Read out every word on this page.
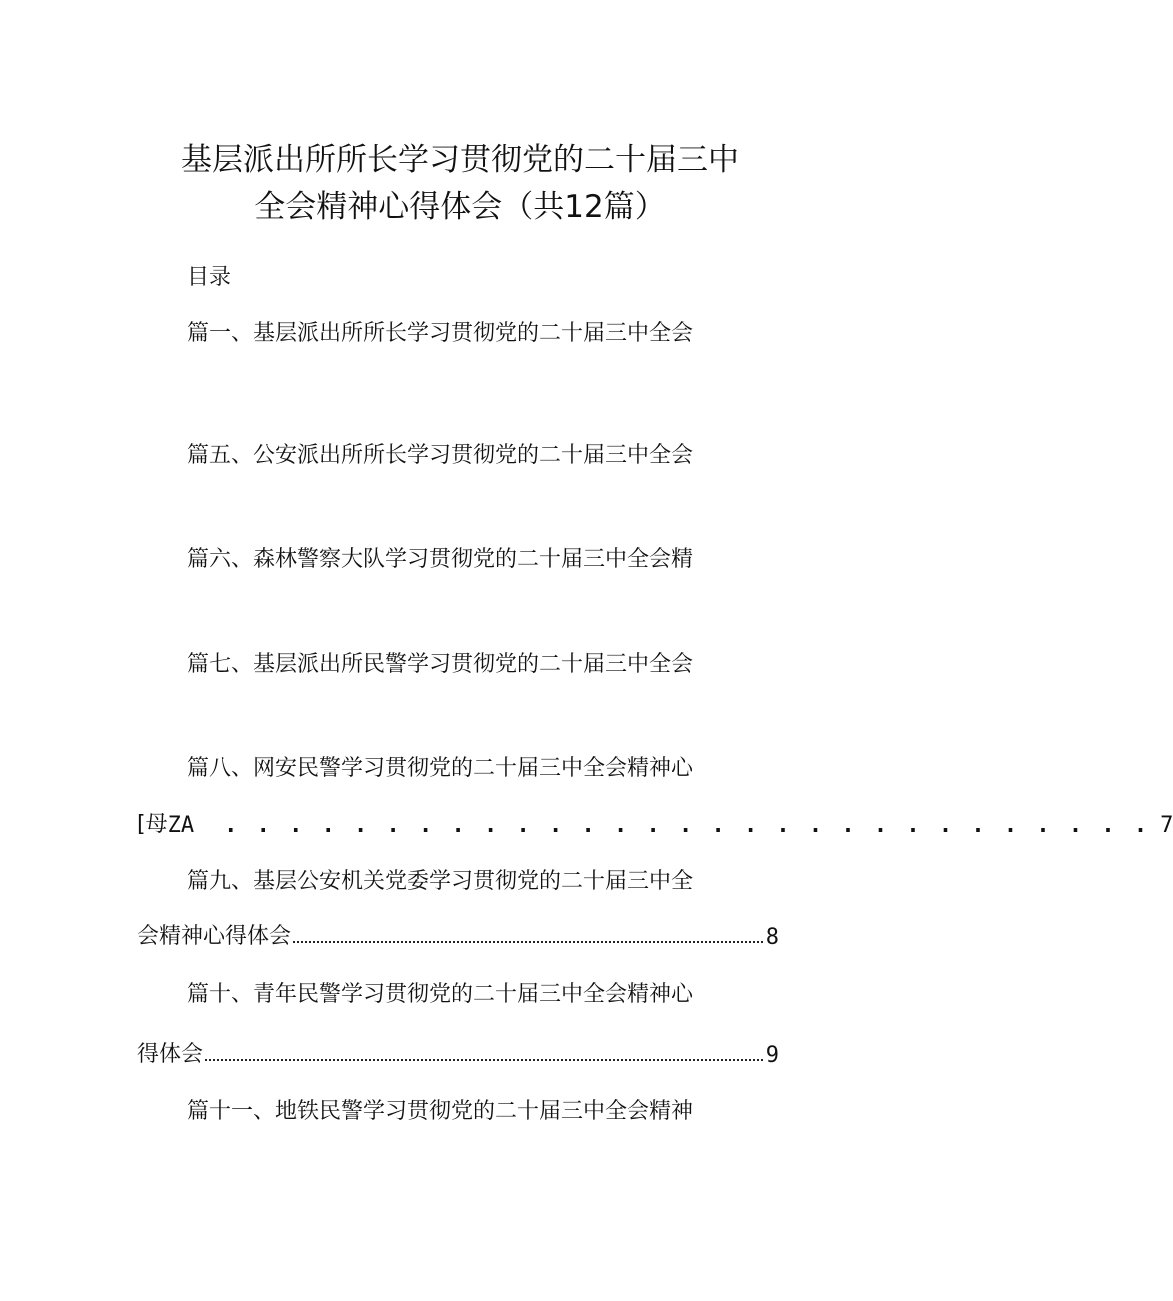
基层派出所所长学习贯彻党的二十届三中
全会精神心得体会（共12篇）
目录
篇一、基层派出所所长学习贯彻党的二十届三中全会
篇五、公安派出所所长学习贯彻党的二十届三中全会
篇六、森林警察大队学习贯彻党的二十届三中全会精
篇七、基层派出所民警学习贯彻党的二十届三中全会
篇八、网安民警学习贯彻党的二十届三中全会精神心
[母 ZA . . . . . . . . . . . . . . . . . . . . . . . . . . . . . 7
篇九、基层公安机关党委学习贯彻党的二十届三中全
会精神心得体会	8
篇十、青年民警学习贯彻党的二十届三中全会精神心
得体会	9
篇十一、地铁民警学习贯彻党的二十届三中全会精神
